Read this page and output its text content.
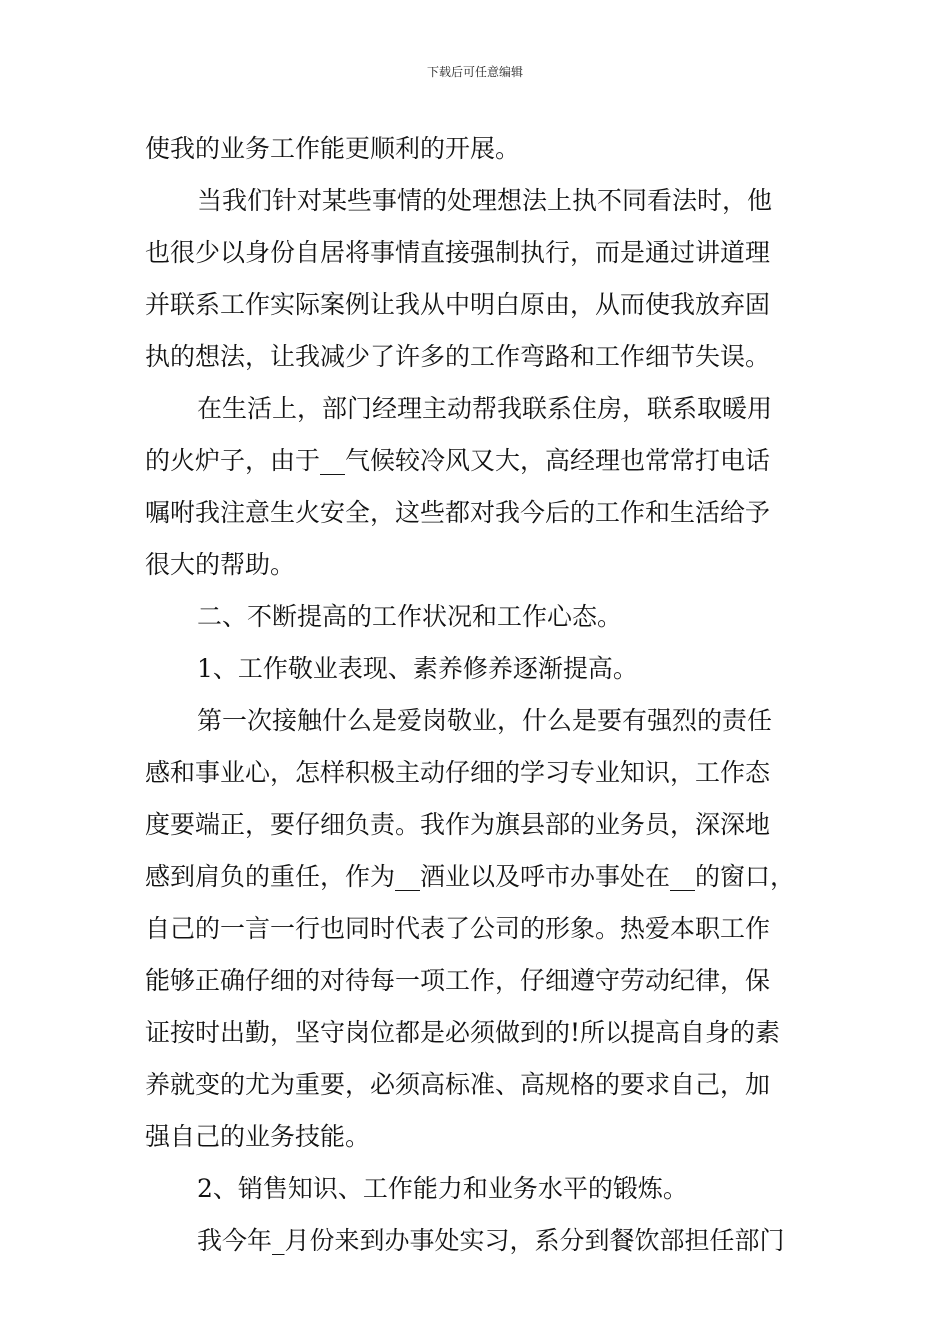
下载后可任意编辑
使我的业务工作能更顺利的开展。
当我们针对某些事情的处理想法上执不同看法时，他
也很少以身份自居将事情直接强制执行，而是通过讲道理
并联系工作实际案例让我从中明白原由，从而使我放弃固
执的想法，让我减少了许多的工作弯路和工作细节失误。
在生活上，部门经理主动帮我联系住房，联系取暖用
的火炉子，由于__气候较冷风又大，高经理也常常打电话
嘱咐我注意生火安全，这些都对我今后的工作和生活给予
很大的帮助。
二、不断提高的工作状况和工作心态。
1、工作敬业表现、素养修养逐渐提高。
第一次接触什么是爱岗敬业，什么是要有强烈的责任
感和事业心，怎样积极主动仔细的学习专业知识，工作态
度要端正，要仔细负责。我作为旗县部的业务员，深深地
感到肩负的重任，作为__酒业以及呼市办事处在__的窗口，
自己的一言一行也同时代表了公司的形象。热爱本职工作
能够正确仔细的对待每一项工作，仔细遵守劳动纪律，保
证按时出勤，坚守岗位都是必须做到的!所以提高自身的素
养就变的尤为重要，必须高标准、高规格的要求自己，加
强自己的业务技能。
2、销售知识、工作能力和业务水平的锻炼。
我今年_月份来到办事处实习，系分到餐饮部担任部门
